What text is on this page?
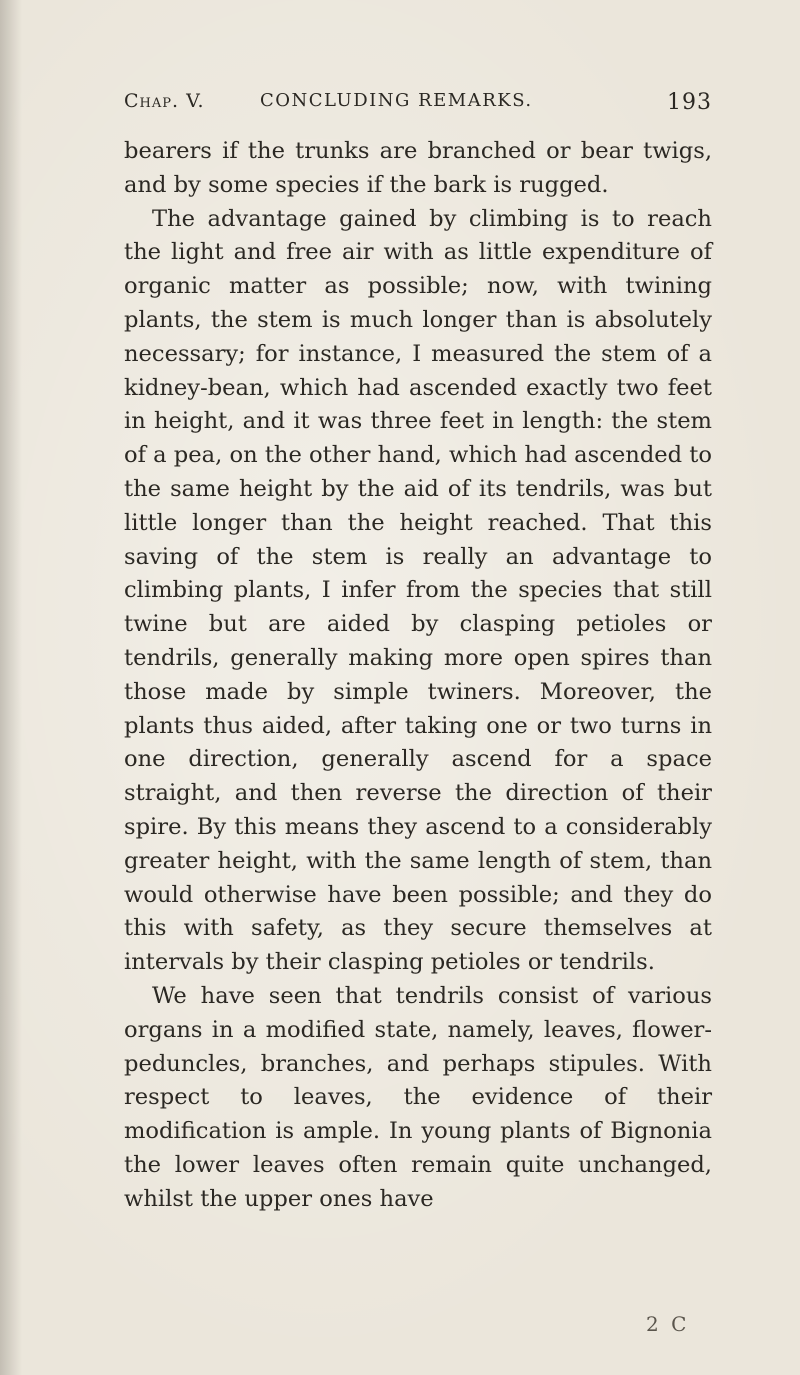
Chap. V.	CONCLUDING REMARKS.	193

bearers if the trunks are branched or bear twigs, and by some species if the bark is rugged.

The advantage gained by climbing is to reach the light and free air with as little expenditure of organic matter as possible; now, with twining plants, the stem is much longer than is absolutely necessary; for instance, I measured the stem of a kidney-bean, which had ascended exactly two feet in height, and it was three feet in length: the stem of a pea, on the other hand, which had ascended to the same height by the aid of its tendrils, was but little longer than the height reached. That this saving of the stem is really an advantage to climbing plants, I infer from the species that still twine but are aided by clasping petioles or tendrils, generally making more open spires than those made by simple twiners. Moreover, the plants thus aided, after taking one or two turns in one direction, generally ascend for a space straight, and then reverse the direction of their spire. By this means they ascend to a considerably greater height, with the same length of stem, than would otherwise have been possible; and they do this with safety, as they secure themselves at intervals by their clasping petioles or tendrils.

We have seen that tendrils consist of various organs in a modified state, namely, leaves, flower-peduncles, branches, and perhaps stipules. With respect to leaves, the evidence of their modification is ample. In young plants of Bignonia the lower leaves often remain quite unchanged, whilst the upper ones have

2 C
